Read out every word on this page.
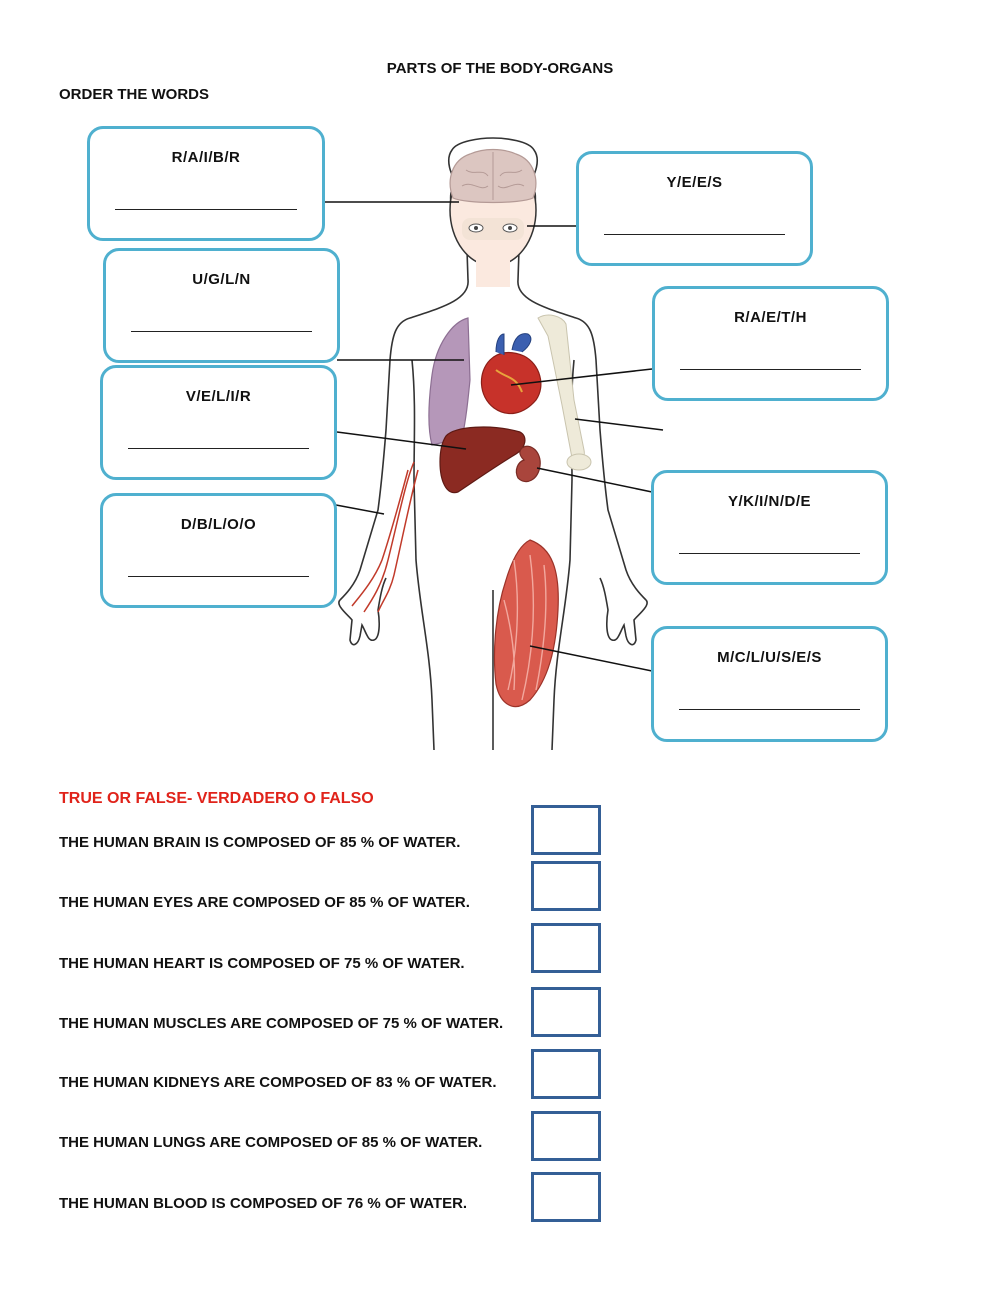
PARTS OF THE BODY-ORGANS
ORDER THE WORDS
R/A/I/B/R
Y/E/E/S
U/G/L/N
R/A/E/T/H
V/E/L/I/R
Y/K/I/N/D/E
D/B/L/O/O
M/C/L/U/S/E/S
TRUE OR FALSE- VERDADERO O FALSO
THE HUMAN BRAIN IS COMPOSED OF 85 % OF WATER.
THE HUMAN EYES ARE COMPOSED OF 85 % OF WATER.
THE HUMAN HEART IS COMPOSED OF 75 % OF WATER.
THE HUMAN MUSCLES ARE COMPOSED OF 75 % OF WATER.
THE HUMAN KIDNEYS ARE COMPOSED OF 83 % OF WATER.
THE HUMAN LUNGS ARE COMPOSED OF 85 % OF WATER.
THE HUMAN BLOOD IS COMPOSED OF 76 % OF WATER.
